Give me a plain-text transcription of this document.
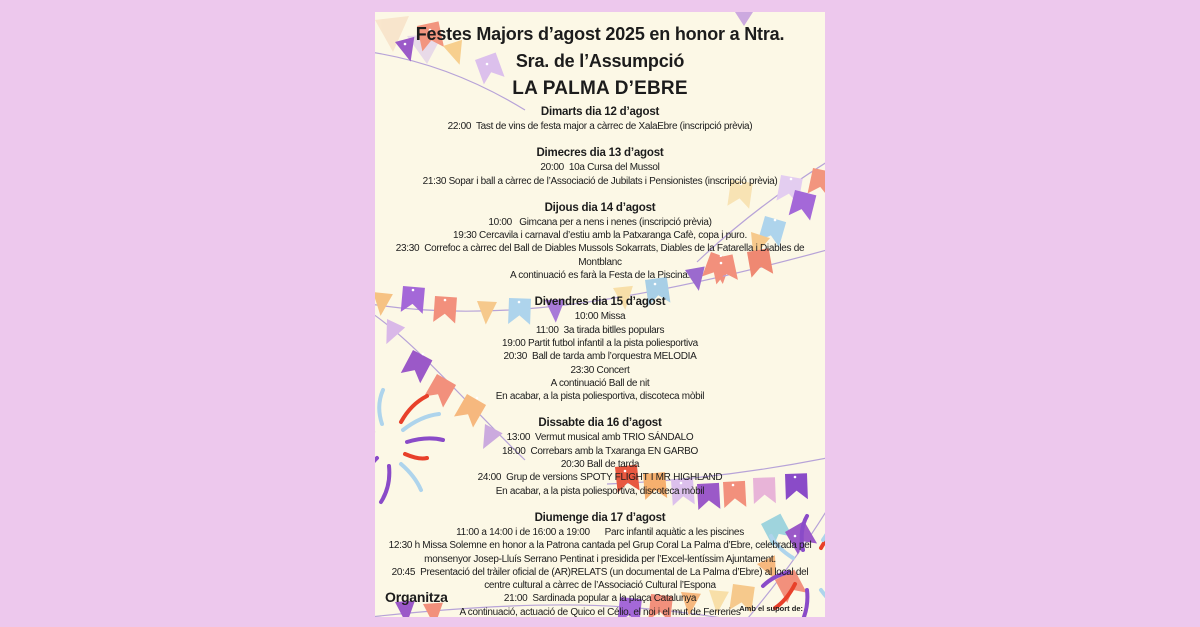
Festes Majors d’agost 2025 en honor a Ntra.
Sra. de l’Assumpció
LA PALMA D’EBRE
Dimarts dia 12 d’agost
22:00  Tast de vins de festa major a càrrec de XalaEbre (inscripció prèvia)
Dimecres dia 13 d’agost
20:00  10a Cursa del Mussol
21:30 Sopar i ball a càrrec de l’Associació de Jubilats i Pensionistes (inscripció prèvia)
Dijous dia 14 d’agost
10:00   Gimcana per a nens i nenes (inscripció prèvia)
19:30 Cercavila i carnaval d’estiu amb la Patxaranga Cafè, copa i puro.
23:30  Correfoc a càrrec del Ball de Diables Mussols Sokarrats, Diables de la Fatarella i Diables de Montblanc
A continuació es farà la Festa de la Piscina.
Divendres dia 15 d’agost
10:00 Missa
11:00  3a tirada bitlles populars
19:00 Partit futbol infantil a la pista poliesportiva
20:30  Ball de tarda amb l’orquestra MELODIA
23:30 Concert
A continuació Ball de nit
En acabar, a la pista poliesportiva, discoteca mòbil
Dissabte dia 16 d’agost
13:00  Vermut musical amb TRIO SÁNDALO
18:00  Correbars amb la Txaranga EN GARBO
20:30 Ball de tarda
24:00  Grup de versions SPOTY FLIGHT I MR HIGHLAND
En acabar, a la pista poliesportiva, discoteca mòbil
Diumenge dia 17 d’agost
11:00 a 14:00 i de 16:00 a 19:00      Parc infantil aquàtic a les piscines
12:30 h Missa Solemne en honor a la Patrona cantada pel Grup Coral La Palma d’Ebre, celebrada pel monsenyor Josep-Lluís Serrano Pentinat i presidida per l’Excel-lentíssim Ajuntament.
20:45  Presentació del tràiler oficial de (AR)RELATS (un documental de La Palma d’Ebre) al local del centre cultural a càrrec de l’Associació Cultural l’Espona
21:00  Sardinada popular a la plaça Catalunya
A continuació, actuació de Quico el Célio, el noi i el mut de Ferreries
Organitza
Amb el suport de:
